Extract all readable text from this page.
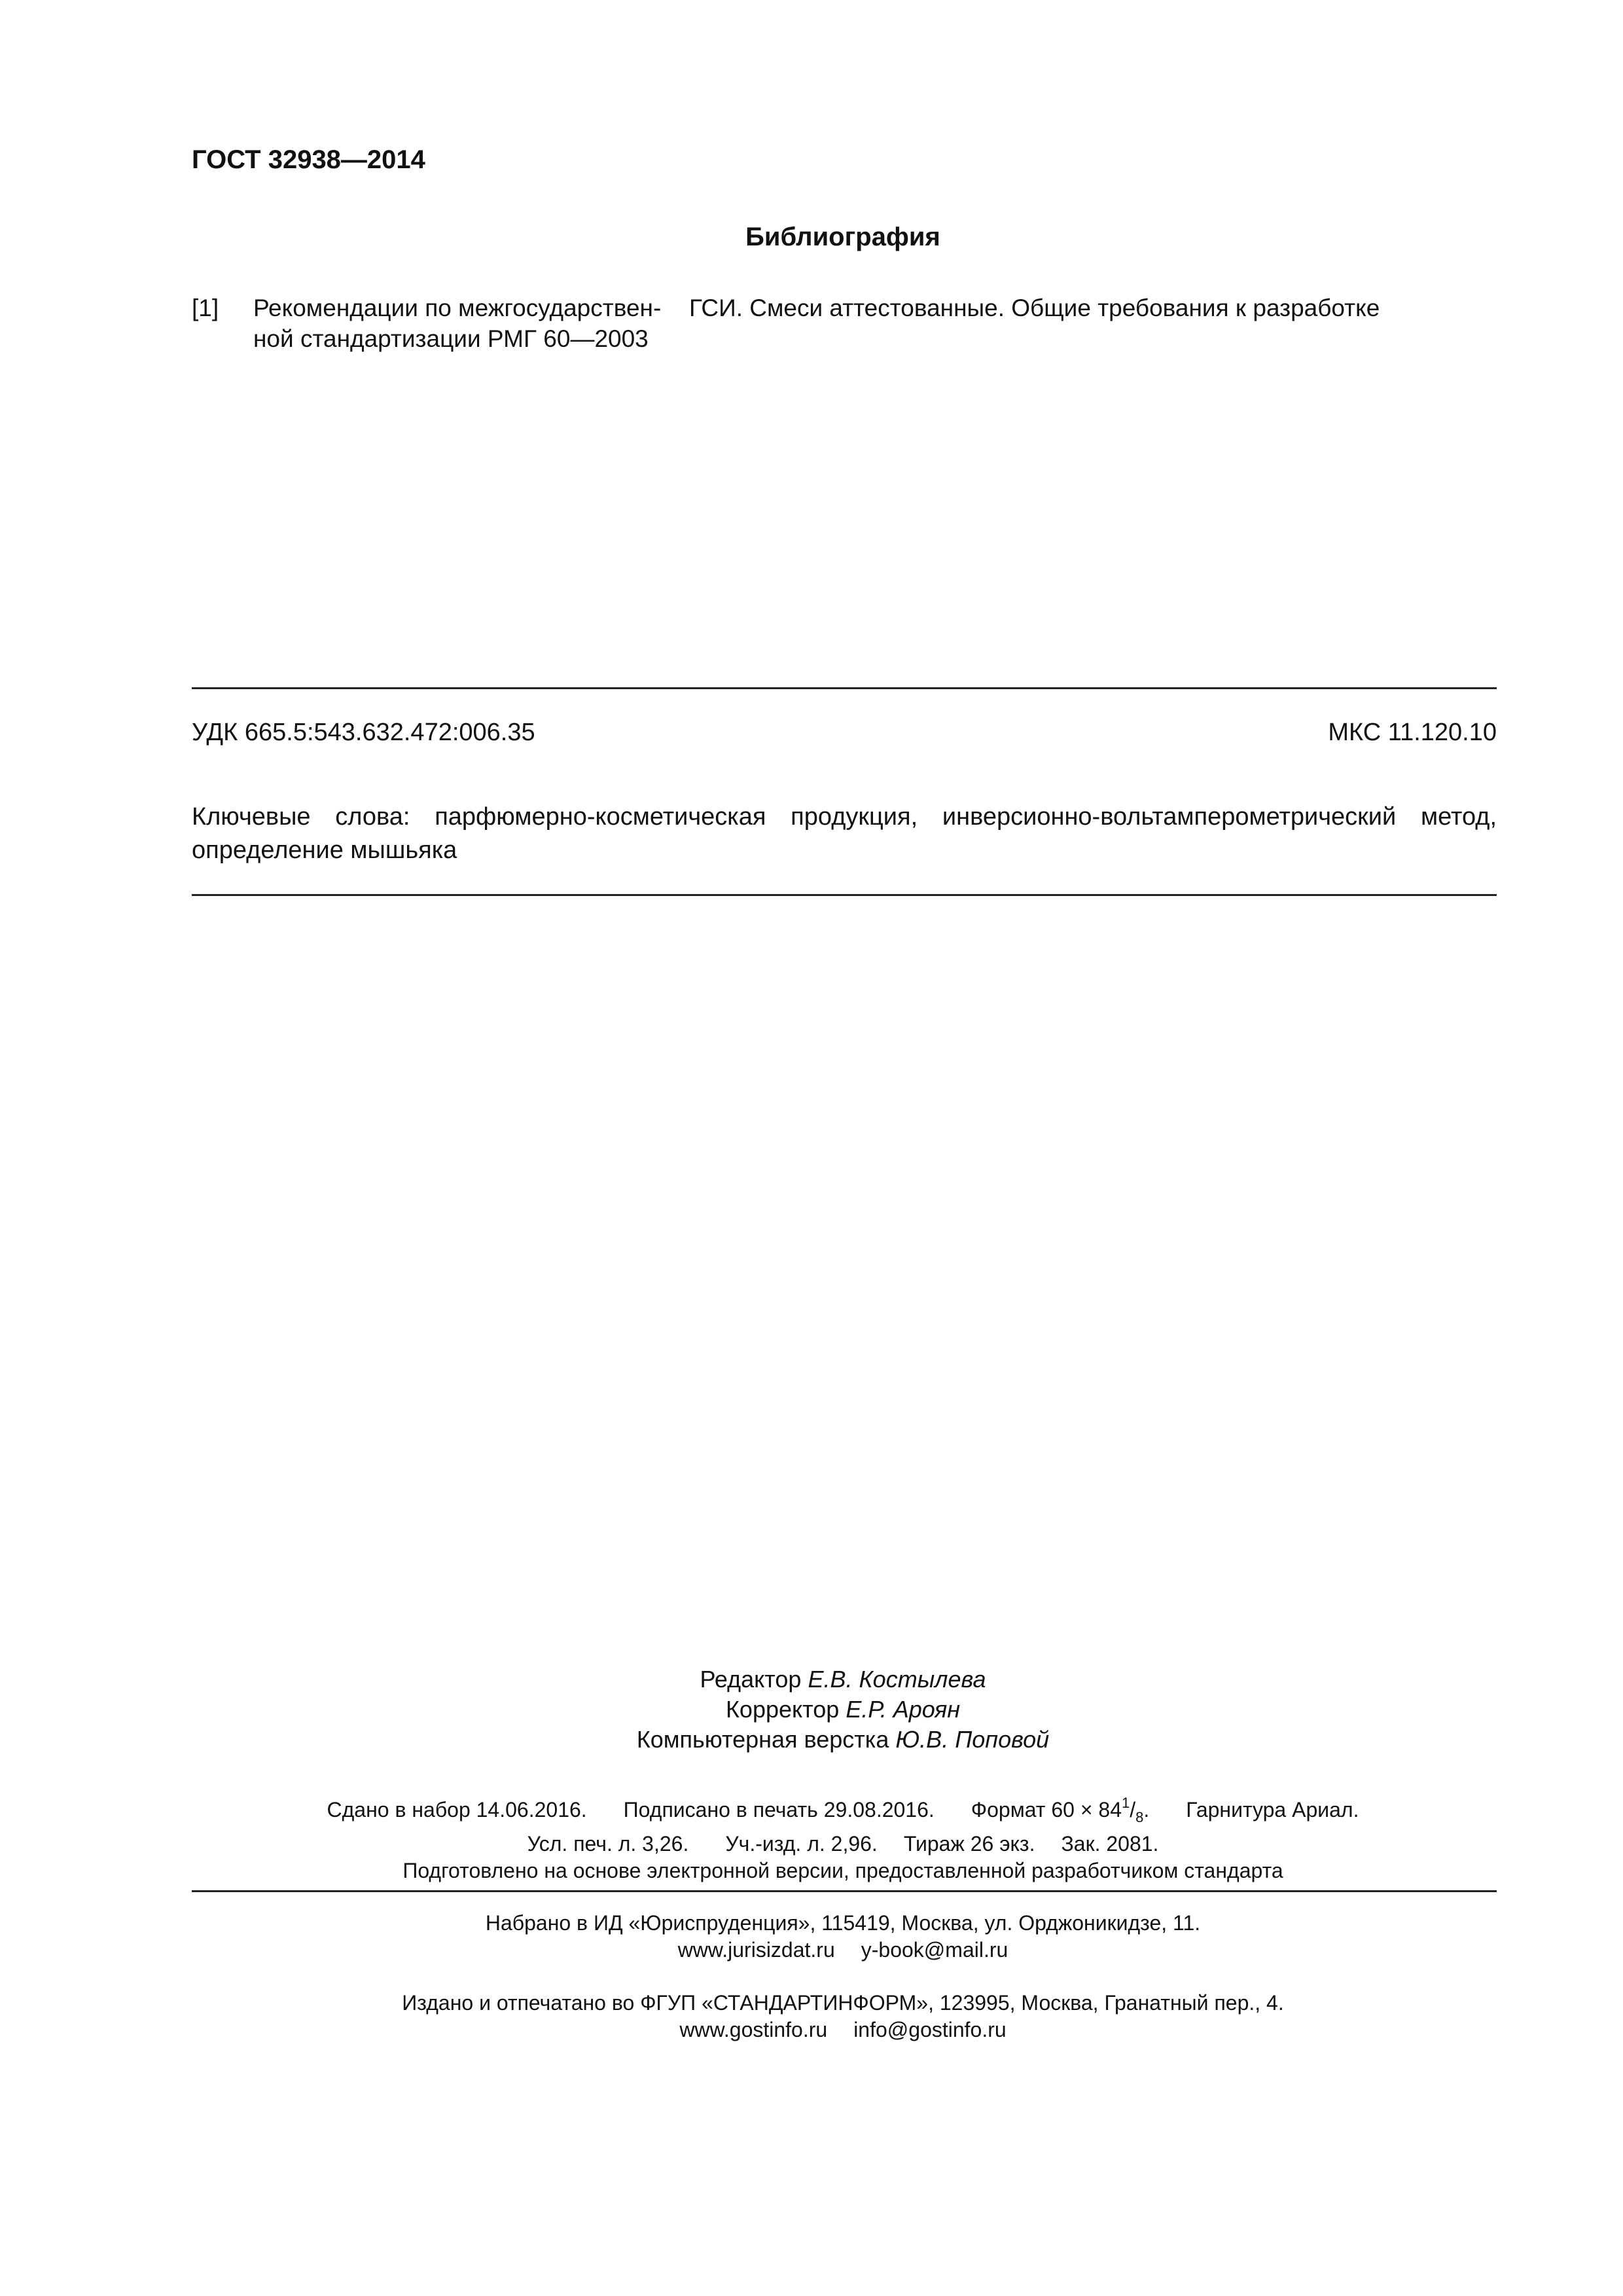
ГОСТ 32938—2014
Библиография
[1] Рекомендации по межгосударствен-ной стандартизации РМГ 60—2003
ГСИ. Смеси аттестованные. Общие требования к разработке
УДК 665.5:543.632.472:006.35	МКС 11.120.10
Ключевые слова: парфюмерно-косметическая продукция, инверсионно-вольтамперометрический метод, определение мышьяка
Редактор Е.В. Костылева
Корректор Е.Р. Ароян
Компьютерная верстка Ю.В. Поповой
Сдано в набор 14.06.2016. Подписано в печать 29.08.2016. Формат $60 \times 84^1/_8$. Гарнитура Ариал.
Усл. печ. л. 3,26. Уч.-изд. л. 2,96. Тираж 26 экз. Зак. 2081.
Подготовлено на основе электронной версии, предоставленной разработчиком стандарта
Набрано в ИД «Юриспруденция», 115419, Москва, ул. Орджоникидзе, 11.
www.jurisizdat.ru y-book@mail.ru
Издано и отпечатано во ФГУП «СТАНДАРТИНФОРМ», 123995, Москва, Гранатный пер., 4.
www.gostinfo.ru info@gostinfo.ru
